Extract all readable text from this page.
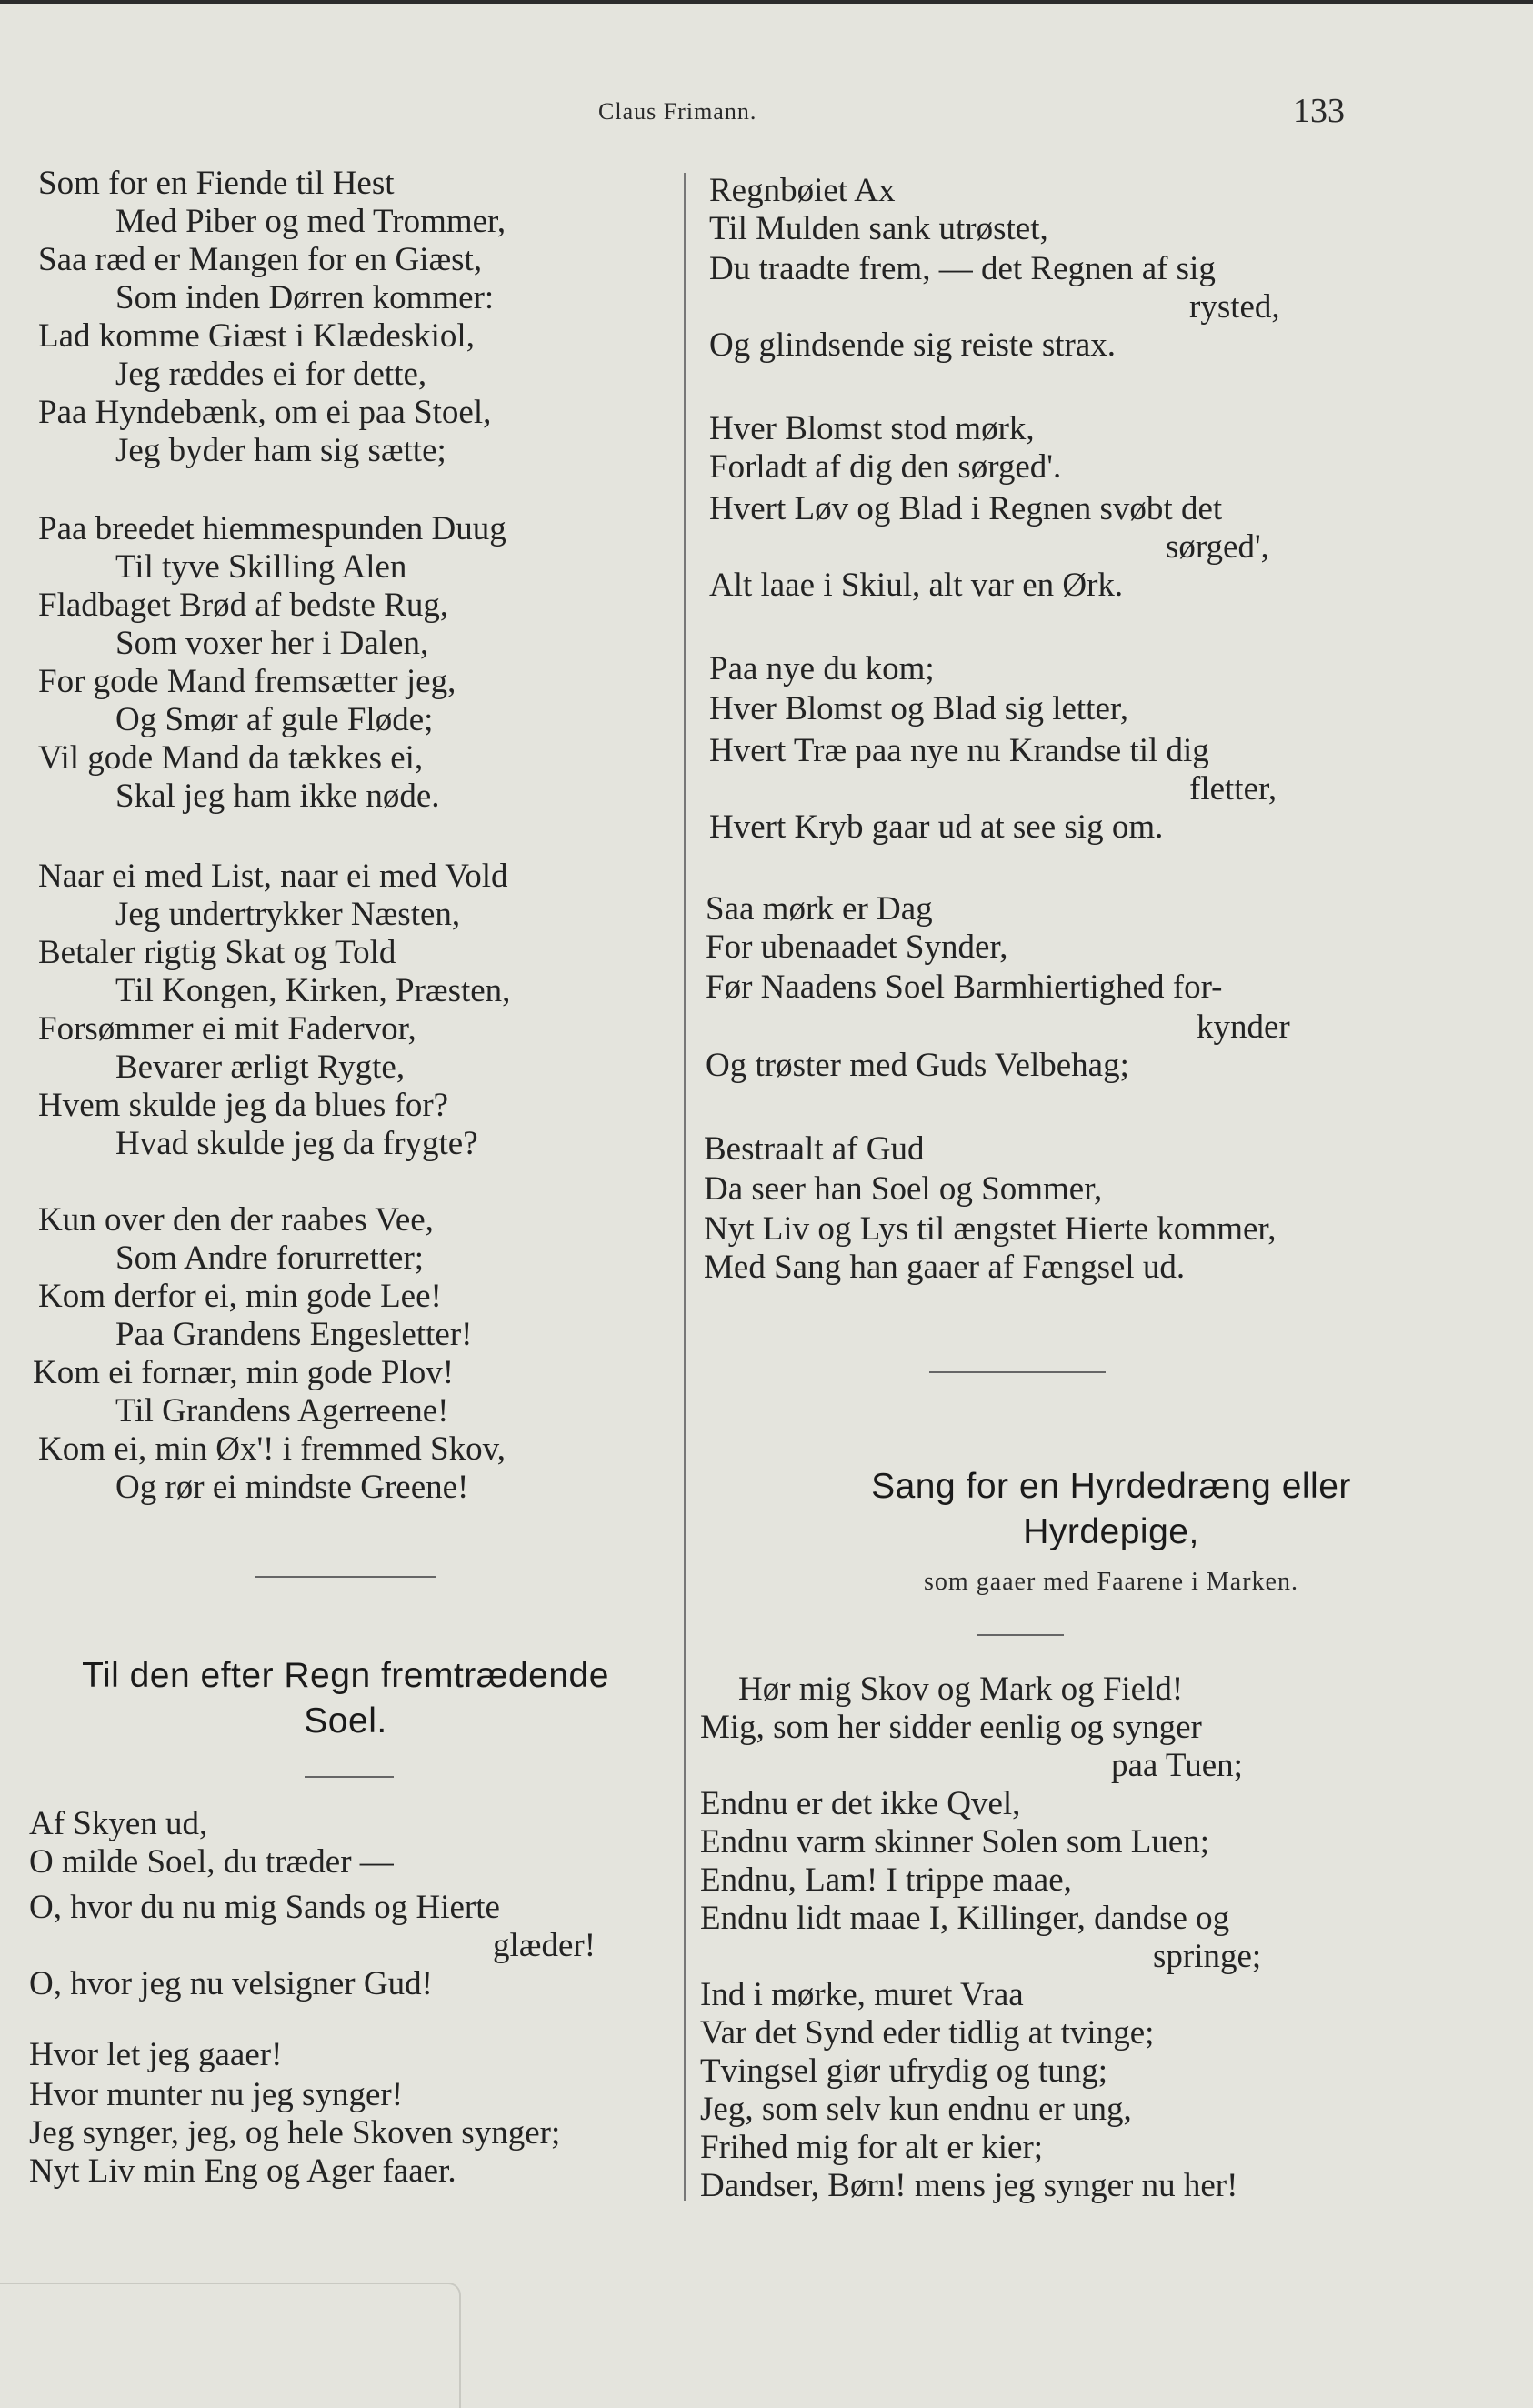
Claus Frimann.	133
Som for en Fiende til Hest
Med Piber og med Trommer,
Saa ræd er Mangen for en Giæst,
Som inden Dørren kommer:
Lad komme Giæst i Klædeskiol,
Jeg ræddes ei for dette,
Paa Hyndebænk, om ei paa Stoel,
Jeg byder ham sig sætte;
Paa breedet hiemmespunden Duug
Til tyve Skilling Alen
Fladbaget Brød af bedste Rug,
Som voxer her i Dalen,
For gode Mand fremsætter jeg,
Og Smør af gule Fløde;
Vil gode Mand da tækkes ei,
Skal jeg ham ikke nøde.
Naar ei med List, naar ei med Vold
Jeg undertrykker Næsten,
Betaler rigtig Skat og Told
Til Kongen, Kirken, Præsten,
Forsømmer ei mit Fadervor,
Bevarer ærligt Rygte,
Hvem skulde jeg da blues for?
Hvad skulde jeg da frygte?
Kun over den der raabes Vee,
Som Andre forurretter;
Kom derfor ei, min gode Lee!
Paa Grandens Engesletter!
Kom ei fornær, min gode Plov!
Til Grandens Agerreene!
Kom ei, min Øx'! i fremmed Skov,
Og rør ei mindste Greene!
Til den efter Regn fremtrædende
Soel.
Af Skyen ud,
O milde Soel, du træder —
O, hvor du nu mig Sands og Hierte
glæder!
O, hvor jeg nu velsigner Gud!
Hvor let jeg gaaer!
Hvor munter nu jeg synger!
Jeg synger, jeg, og hele Skoven synger;
Nyt Liv min Eng og Ager faaer.
Regnbøiet Ax
Til Mulden sank utrøstet,
Du traadte frem, — det Regnen af sig
rysted,
Og glindsende sig reiste strax.
Hver Blomst stod mørk,
Forladt af dig den sørged'.
Hvert Løv og Blad i Regnen svøbt det
sørged',
Alt laae i Skiul, alt var en Ørk.
Paa nye du kom;
Hver Blomst og Blad sig letter,
Hvert Træ paa nye nu Krandse til dig
fletter,
Hvert Kryb gaar ud at see sig om.
Saa mørk er Dag
For ubenaadet Synder,
Før Naadens Soel Barmhiertighed for-
kynder
Og trøster med Guds Velbehag;
Bestraalt af Gud
Da seer han Soel og Sommer,
Nyt Liv og Lys til ængstet Hierte kommer,
Med Sang han gaaer af Fængsel ud.
Sang for en Hyrdedræng eller
Hyrdepige,
som gaaer med Faarene i Marken.
Hør mig Skov og Mark og Field!
Mig, som her sidder eenlig og synger
paa Tuen;
Endnu er det ikke Qvel,
Endnu varm skinner Solen som Luen;
Endnu, Lam! I trippe maae,
Endnu lidt maae I, Killinger, dandse og
springe;
Ind i mørke, muret Vraa
Var det Synd eder tidlig at tvinge;
Tvingsel giør ufrydig og tung;
Jeg, som selv kun endnu er ung,
Frihed mig for alt er kier;
Dandser, Børn! mens jeg synger nu her!
